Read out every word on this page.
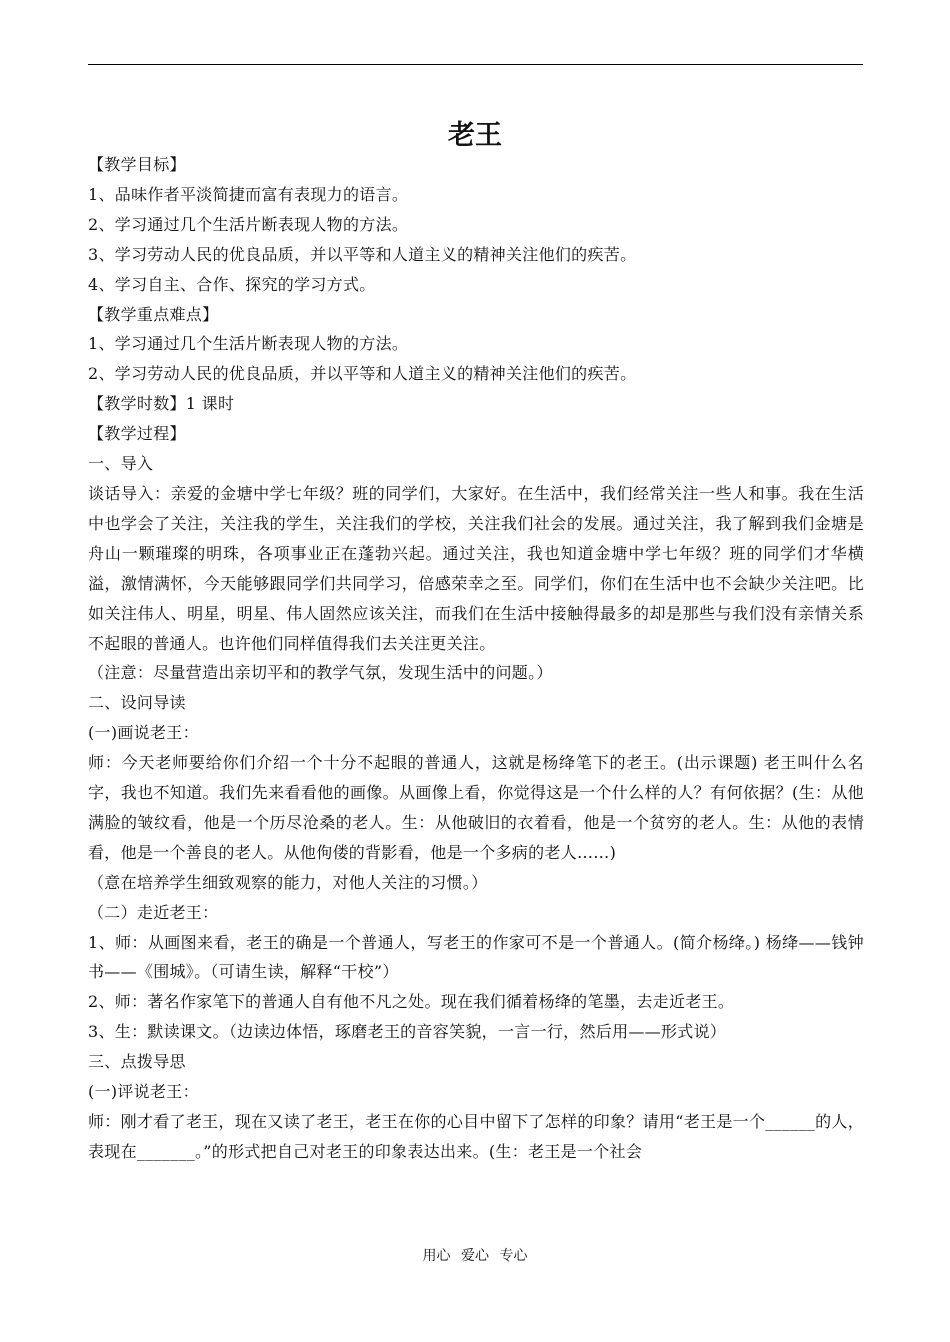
老王

【教学目标】

1、品味作者平淡简捷而富有表现力的语言。

2、学习通过几个生活片断表现人物的方法。

3、学习劳动人民的优良品质，并以平等和人道主义的精神关注他们的疾苦。

4、学习自主、合作、探究的学习方式。

【教学重点难点】

1、学习通过几个生活片断表现人物的方法。

2、学习劳动人民的优良品质，并以平等和人道主义的精神关注他们的疾苦。

【教学时数】1 课时

【教学过程】

一、导入

谈话导入：亲爱的金塘中学七年级？班的同学们，大家好。在生活中，我们经常关注一些人和事。我在生活中也学会了关注，关注我的学生，关注我们的学校，关注我们社会的发展。通过关注，我了解到我们金塘是舟山一颗璀璨的明珠，各项事业正在蓬勃兴起。通过关注，我也知道金塘中学七年级？班的同学们才华横溢，激情满怀，今天能够跟同学们共同学习，倍感荣幸之至。同学们，你们在生活中也不会缺少关注吧。比如关注伟人、明星，明星、伟人固然应该关注，而我们在生活中接触得最多的却是那些与我们没有亲情关系不起眼的普通人。也许他们同样值得我们去关注更关注。

（注意：尽量营造出亲切平和的教学气氛，发现生活中的问题。）

二、设问导读

(一)画说老王：

师：今天老师要给你们介绍一个十分不起眼的普通人，这就是杨绛笔下的老王。(出示课题) 老王叫什么名字，我也不知道。我们先来看看他的画像。从画像上看，你觉得这是一个什么样的人？有何依据？(生：从他满脸的皱纹看，他是一个历尽沧桑的老人。生：从他破旧的衣着看，他是一个贫穷的老人。生：从他的表情看，他是一个善良的老人。从他佝偻的背影看，他是一个多病的老人……)

（意在培养学生细致观察的能力，对他人关注的习惯。）

（二）走近老王：

1、师：从画图来看，老王的确是一个普通人，写老王的作家可不是一个普通人。(简介杨绛。) 杨绛——钱钟书——《围城》。（可请生读，解释“干校”）

2、师：著名作家笔下的普通人自有他不凡之处。现在我们循着杨绛的笔墨，去走近老王。

3、生：默读课文。（边读边体悟，琢磨老王的音容笑貌，一言一行，然后用——形式说）

三、点拨导思

(一)评说老王：

师：刚才看了老王，现在又读了老王，老王在你的心目中留下了怎样的印象？请用“老王是一个______的人，表现在_______。”的形式把自己对老王的印象表达出来。(生：老王是一个社会

用心 爱心 专心
